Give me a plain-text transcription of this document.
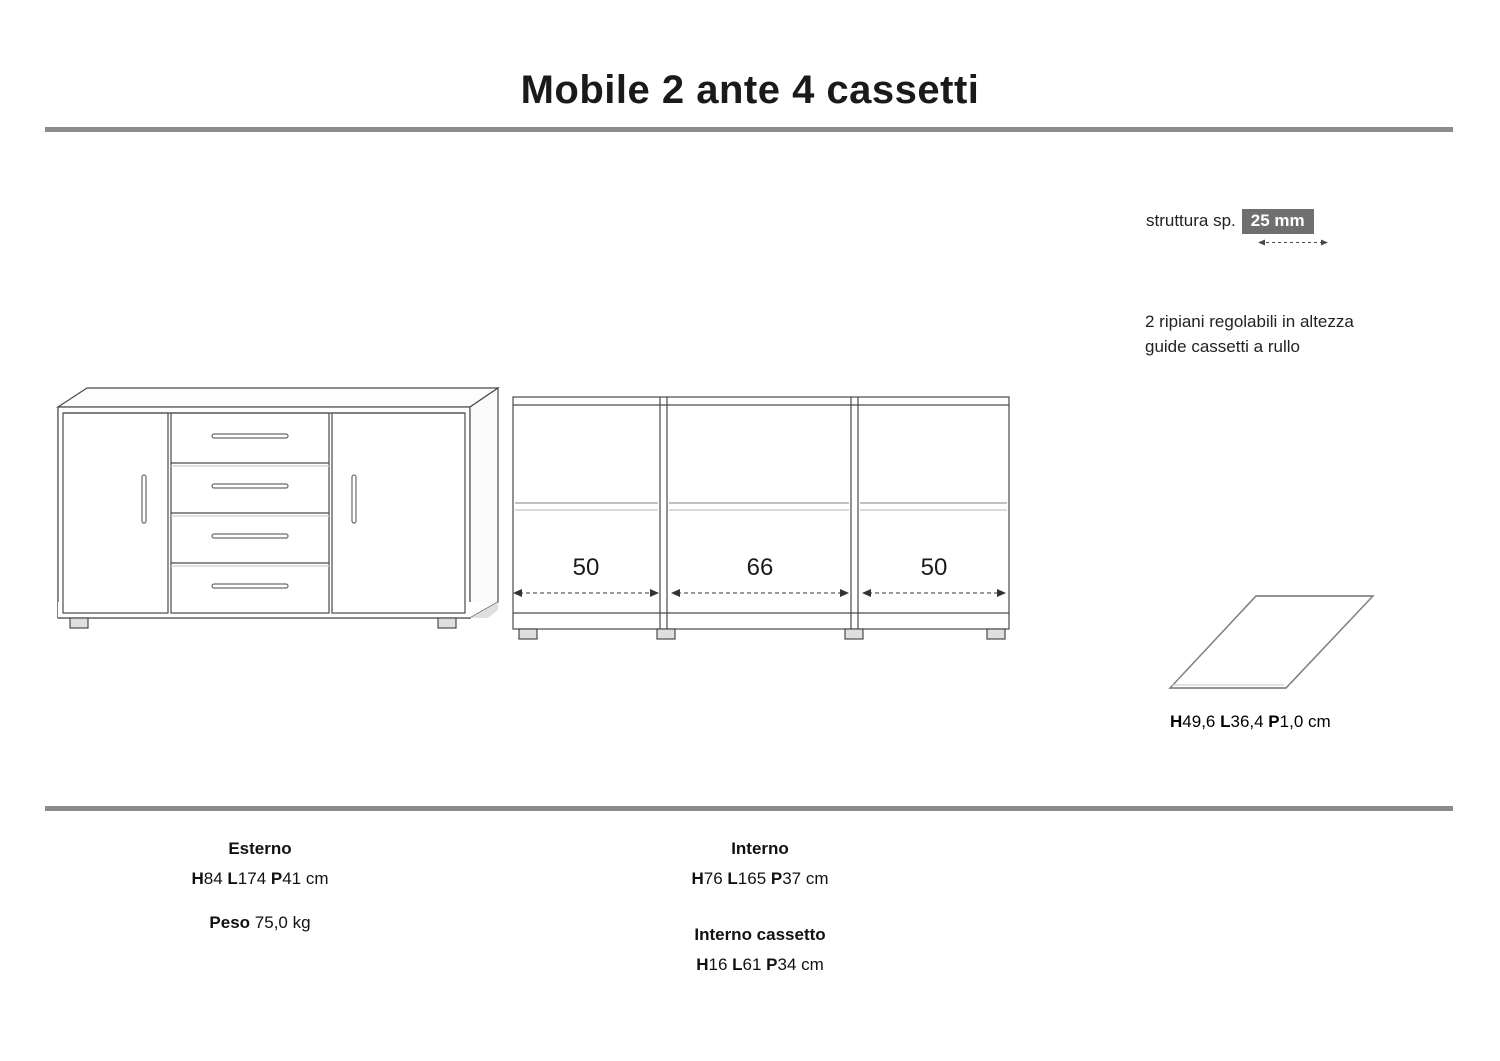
Mobile 2 ante 4 cassetti
struttura sp. 25 mm
2 ripiani regolabili in altezza
guide cassetti a rullo
H49,6 L36,4 P1,0 cm
50	66	50
Esterno
H84 L174 P41 cm
Peso 75,0 kg
Interno
H76 L165 P37 cm
Interno cassetto
H16 L61 P34 cm
